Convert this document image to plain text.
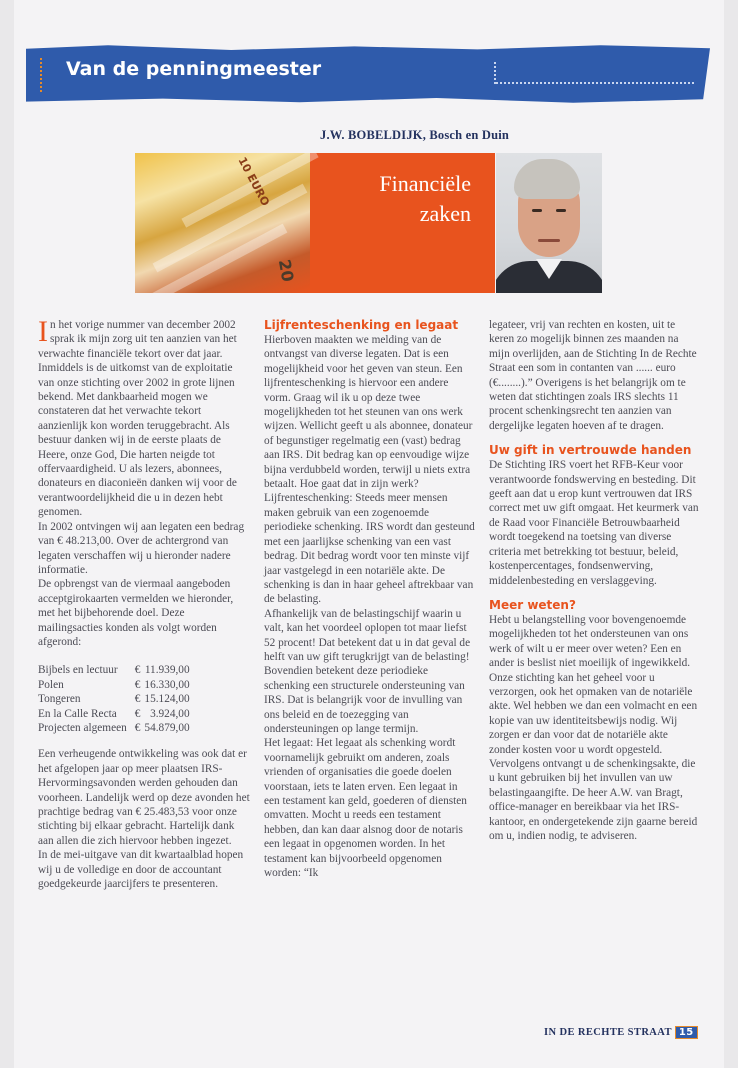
Van de penningmeester
J.W. BOBELDIJK, Bosch en Duin
10 EURO
20
Financiële
zaken

In het vorige nummer van december 2002 sprak ik mijn zorg uit ten aanzien van het verwachte financiële tekort over dat jaar. Inmiddels is de uitkomst van de exploitatie van onze stichting over 2002 in grote lijnen bekend. Met dankbaarheid mogen we constateren dat het verwachte tekort aanzienlijk kon worden teruggebracht. Als bestuur danken wij in de eerste plaats de Heere, onze God, Die harten neigde tot offervaardigheid. U als lezers, abonnees, donateurs en diaconieën danken wij voor de verantwoordelijkheid die u in dezen hebt genomen.

In 2002 ontvingen wij aan legaten een bedrag van € 48.213,00. Over de achtergrond van legaten verschaffen wij u hieronder nadere informatie.

De opbrengst van de viermaal aangeboden acceptgirokaarten vermelden we hieronder, met het bijbehorende doel. Deze mailingsacties konden als volgt worden afgerond:

Bijbels en lectuur	€	11.939,00
Polen	€	16.330,00
Tongeren	€	15.124,00
En la Calle Recta	€	3.924,00
Projecten algemeen	€	54.879,00

Een verheugende ontwikkeling was ook dat er het afgelopen jaar op meer plaatsen IRS-Hervormingsavonden werden gehouden dan voorheen. Landelijk werd op deze avonden het prachtige bedrag van € 25.483,53 voor onze stichting bij elkaar gebracht. Hartelijk dank aan allen die zich hiervoor hebben ingezet.

In de mei-uitgave van dit kwartaalblad hopen wij u de volledige en door de accountant goedgekeurde jaarcijfers te presenteren.

Lijfrenteschenking en legaat

Hierboven maakten we melding van de ontvangst van diverse legaten. Dat is een mogelijkheid voor het geven van steun. Een lijfrenteschenking is hiervoor een andere vorm. Graag wil ik u op deze twee mogelijkheden tot het steunen van ons werk wijzen. Wellicht geeft u als abonnee, donateur of begunstiger regelmatig een (vast) bedrag aan IRS. Dit bedrag kan op eenvoudige wijze bijna verdubbeld worden, terwijl u niets extra betaalt. Hoe gaat dat in zijn werk?

Lijfrenteschenking: Steeds meer mensen maken gebruik van een zogenoemde periodieke schenking. IRS wordt dan gesteund met een jaarlijkse schenking van een vast bedrag. Dit bedrag wordt voor ten minste vijf jaar vastgelegd in een notariële akte. De schenking is dan in haar geheel aftrekbaar van de belasting.

Afhankelijk van de belastingschijf waarin u valt, kan het voordeel oplopen tot maar liefst 52 procent! Dat betekent dat u in dat geval de helft van uw gift terugkrijgt van de belasting! Bovendien betekent deze periodieke schenking een structurele ondersteuning van IRS. Dat is belangrijk voor de invulling van ons beleid en de toezegging van ondersteuningen op lange termijn.

Het legaat: Het legaat als schenking wordt voornamelijk gebruikt om anderen, zoals vrienden of organisaties die goede doelen voorstaan, iets te laten erven. Een legaat in een testament kan geld, goederen of diensten omvatten. Mocht u reeds een testament hebben, dan kan daar alsnog door de notaris een legaat in opgenomen worden. In het testament kan bijvoorbeeld opgenomen worden: “Ik

legateer, vrij van rechten en kosten, uit te keren zo mogelijk binnen zes maanden na mijn overlijden, aan de Stichting In de Rechte Straat een som in contanten van ...... euro (€........).” Overigens is het belangrijk om te weten dat stichtingen zoals IRS slechts 11 procent schenkingsrecht ten aanzien van dergelijke legaten hoeven af te dragen.

Uw gift in vertrouwde handen

De Stichting IRS voert het RFB-Keur voor verantwoorde fondswerving en besteding. Dit geeft aan dat u erop kunt vertrouwen dat IRS correct met uw gift omgaat. Het keurmerk van de Raad voor Financiële Betrouwbaarheid wordt toegekend na toetsing van diverse criteria met betrekking tot bestuur, beleid, kostenpercentages, fondsenwerving, middelenbesteding en verslaggeving.

Meer weten?

Hebt u belangstelling voor bovengenoemde mogelijkheden tot het ondersteunen van ons werk of wilt u er meer over weten? Een en ander is beslist niet moeilijk of ingewikkeld. Onze stichting kan het geheel voor u verzorgen, ook het opmaken van de notariële akte. Wel hebben we dan een volmacht en een kopie van uw identiteitsbewijs nodig. Wij zorgen er dan voor dat de notariële akte zonder kosten voor u wordt opgesteld. Vervolgens ontvangt u de schenkingsakte, die u kunt gebruiken bij het invullen van uw belastingaangifte. De heer A.W. van Bragt, office-manager en bereikbaar via het IRS-kantoor, en ondergetekende zijn gaarne bereid om u, indien nodig, te adviseren.

IN DE RECHTE STRAAT 15
